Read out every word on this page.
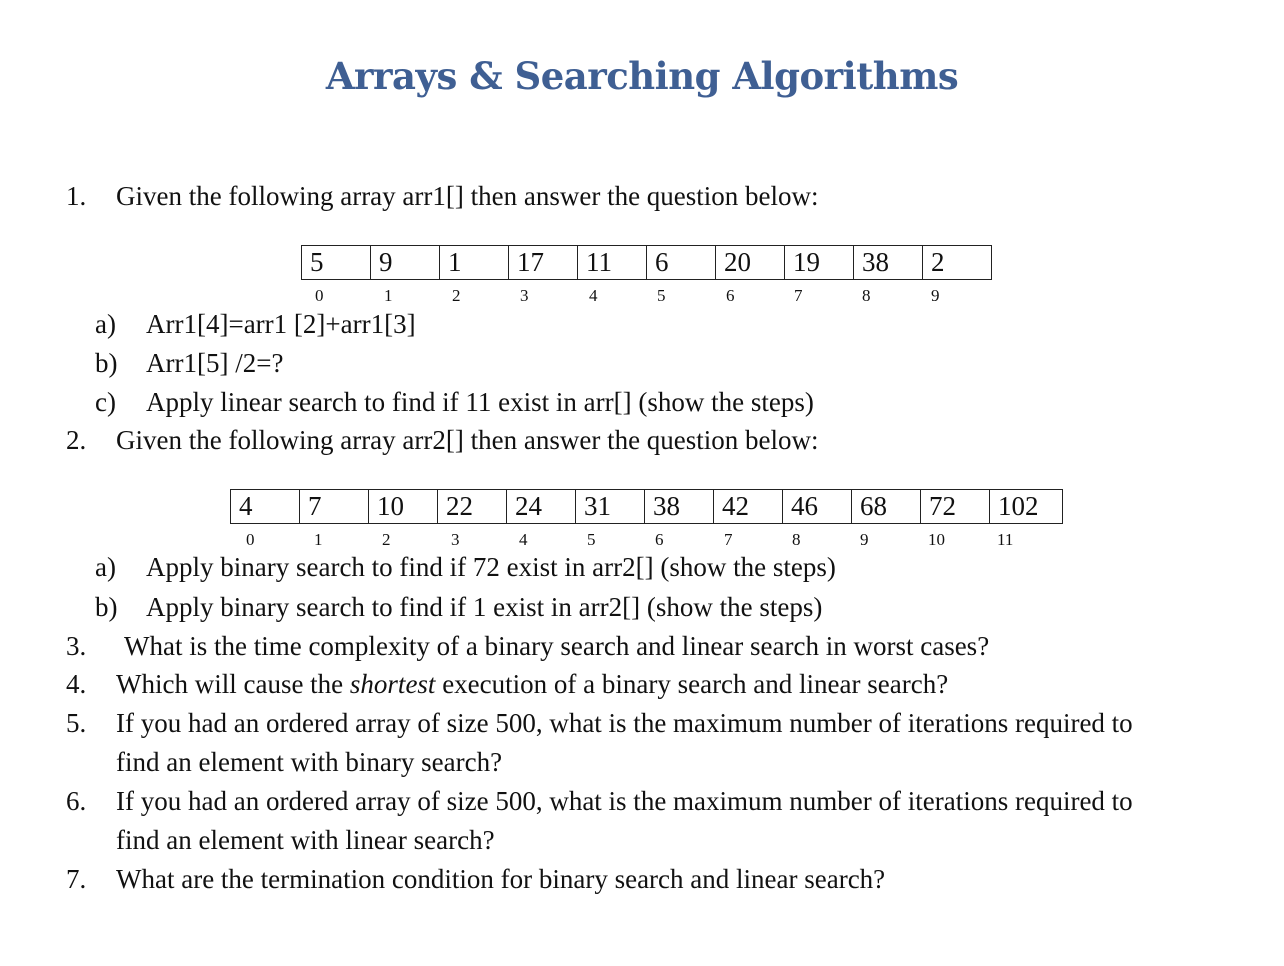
Arrays & Searching Algorithms
1. Given the following array arr1[] then answer the question below:
5	9	1	17	11	6	20	19	38	2
0	1	2	3	4	5	6	7	8	9
a) Arr1[4]=arr1 [2]+arr1[3]
b) Arr1[5] /2=?
c) Apply linear search to find if 11 exist in arr[] (show the steps)
2. Given the following array arr2[] then answer the question below:
4	7	10	22	24	31	38	42	46	68	72	102
0	1	2	3	4	5	6	7	8	9	10	11
a) Apply binary search to find if 72 exist in arr2[] (show the steps)
b) Apply binary search to find if 1 exist in arr2[] (show the steps)
3. What is the time complexity of a binary search and linear search in worst cases?
4. Which will cause the shortest execution of a binary search and linear search?
5. If you had an ordered array of size 500, what is the maximum number of iterations required to
find an element with binary search?
6. If you had an ordered array of size 500, what is the maximum number of iterations required to
find an element with linear search?
7. What are the termination condition for binary search and linear search?
